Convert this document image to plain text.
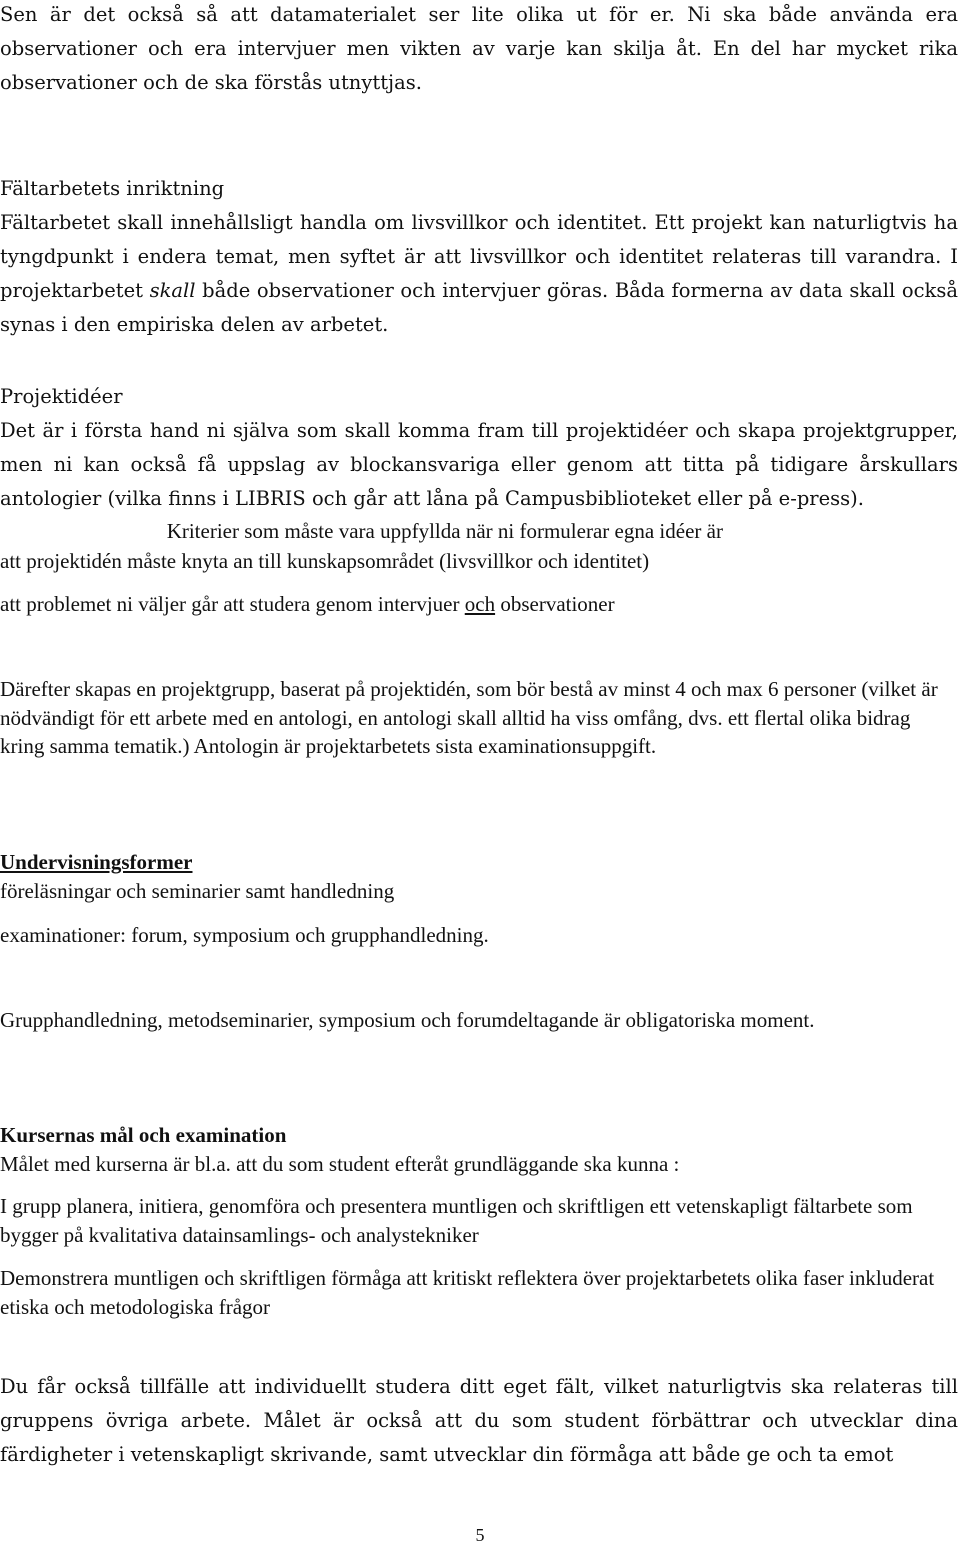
Sen är det också så att datamaterialet ser lite olika ut för er. Ni ska både använda era observationer och era intervjuer men vikten av varje kan skilja åt. En del har mycket rika observationer och de ska förstås utnyttjas.

Fältarbetets inriktning

Fältarbetet skall innehållsligt handla om livsvillkor och identitet. Ett projekt kan naturligtvis ha tyngdpunkt i endera temat, men syftet är att livsvillkor och identitet relateras till varandra. I projektarbetet skall både observationer och intervjuer göras. Båda formerna av data skall också synas i den empiriska delen av arbetet.

Projektidéer

Det är i första hand ni själva som skall komma fram till projektidéer och skapa projektgrupper, men ni kan också få uppslag av blockansvariga eller genom att titta på tidigare årskullars antologier (vilka finns i LIBRIS och går att låna på Campusbiblioteket eller på e-press).

Kriterier som måste vara uppfyllda när ni formulerar egna idéer är

att projektidén måste knyta an till kunskapsområdet (livsvillkor och identitet)

att problemet ni väljer går att studera genom intervjuer och observationer

Därefter skapas en projektgrupp, baserat på projektidén, som bör bestå av minst 4 och max 6 personer (vilket är nödvändigt för ett arbete med en antologi, en antologi skall alltid ha viss omfång, dvs. ett flertal olika bidrag kring samma tematik.) Antologin är projektarbetets sista examinationsuppgift.

Undervisningsformer

föreläsningar och seminarier samt handledning

examinationer: forum, symposium och grupphandledning.

Grupphandledning, metodseminarier, symposium och forumdeltagande är obligatoriska moment.

Kursernas mål och examination

Målet med kurserna är bl.a. att du som student efteråt grundläggande ska kunna :

I grupp planera, initiera, genomföra och presentera muntligen och skriftligen ett vetenskapligt fältarbete som bygger på kvalitativa datainsamlings- och analystekniker

Demonstrera muntligen och skriftligen förmåga att kritiskt reflektera över projektarbetets olika faser inkluderat etiska och metodologiska frågor

Du får också tillfälle att individuellt studera ditt eget fält, vilket naturligtvis ska relateras till gruppens övriga arbete. Målet är också att du som student förbättrar och utvecklar dina färdigheter i vetenskapligt skrivande, samt utvecklar din förmåga att både ge och ta emot

5
